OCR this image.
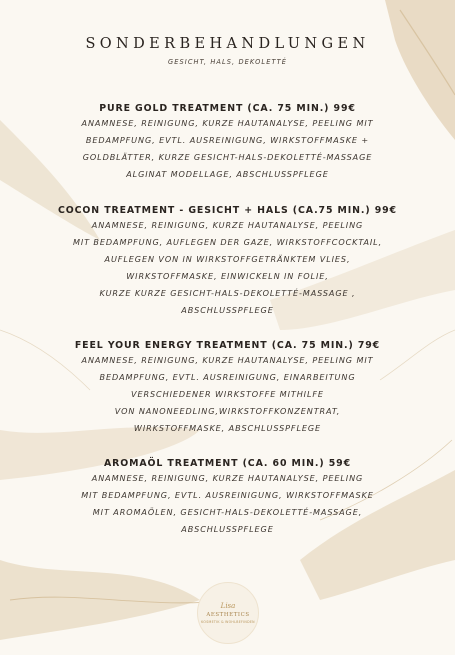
SONDERBEHANDLUNGEN
GESICHT, HALS, DEKOLETTÉ
PURE GOLD TREATMENT (CA. 75 MIN.) 99€
ANAMNESE, REINIGUNG, KURZE HAUTANALYSE, PEELING MIT
BEDAMPFUNG, EVTL. AUSREINIGUNG, WIRKSTOFFMASKE +
GOLDBLÄTTER, KURZE GESICHT-HALS-DEKOLETTÉ-MASSAGE
ALGINAT MODELLAGE, ABSCHLUSSPFLEGE
COCON TREATMENT - GESICHT + HALS (CA.75 MIN.) 99€
ANAMNESE, REINIGUNG, KURZE HAUTANALYSE, PEELING
MIT BEDAMPFUNG, AUFLEGEN DER GAZE, WIRKSTOFFCOCKTAIL,
AUFLEGEN VON IN WIRKSTOFFGETRÄNKTEM VLIES,
WIRKSTOFFMASKE, EINWICKELN IN FOLIE,
KURZE KURZE GESICHT-HALS-DEKOLETTÉ-MASSAGE ,
ABSCHLUSSPFLEGE
FEEL YOUR ENERGY TREATMENT (CA. 75 MIN.) 79€
ANAMNESE, REINIGUNG, KURZE HAUTANALYSE, PEELING MIT
BEDAMPFUNG, EVTL. AUSREINIGUNG, EINARBEITUNG
VERSCHIEDENER WIRKSTOFFE MITHILFE
VON NANONEEDLING,WIRKSTOFFKONZENTRAT,
WIRKSTOFFMASKE, ABSCHLUSSPFLEGE
AROMAÖL TREATMENT (CA. 60 MIN.) 59€
ANAMNESE, REINIGUNG, KURZE HAUTANALYSE, PEELING
MIT BEDAMPFUNG, EVTL. AUSREINIGUNG, WIRKSTOFFMASKE
MIT AROMAÖLEN, GESICHT-HALS-DEKOLETTÉ-MASSAGE,
ABSCHLUSSPFLEGE
Lisa
AESTHETICS
KOSMETIK & WOHLBEFINDEN
